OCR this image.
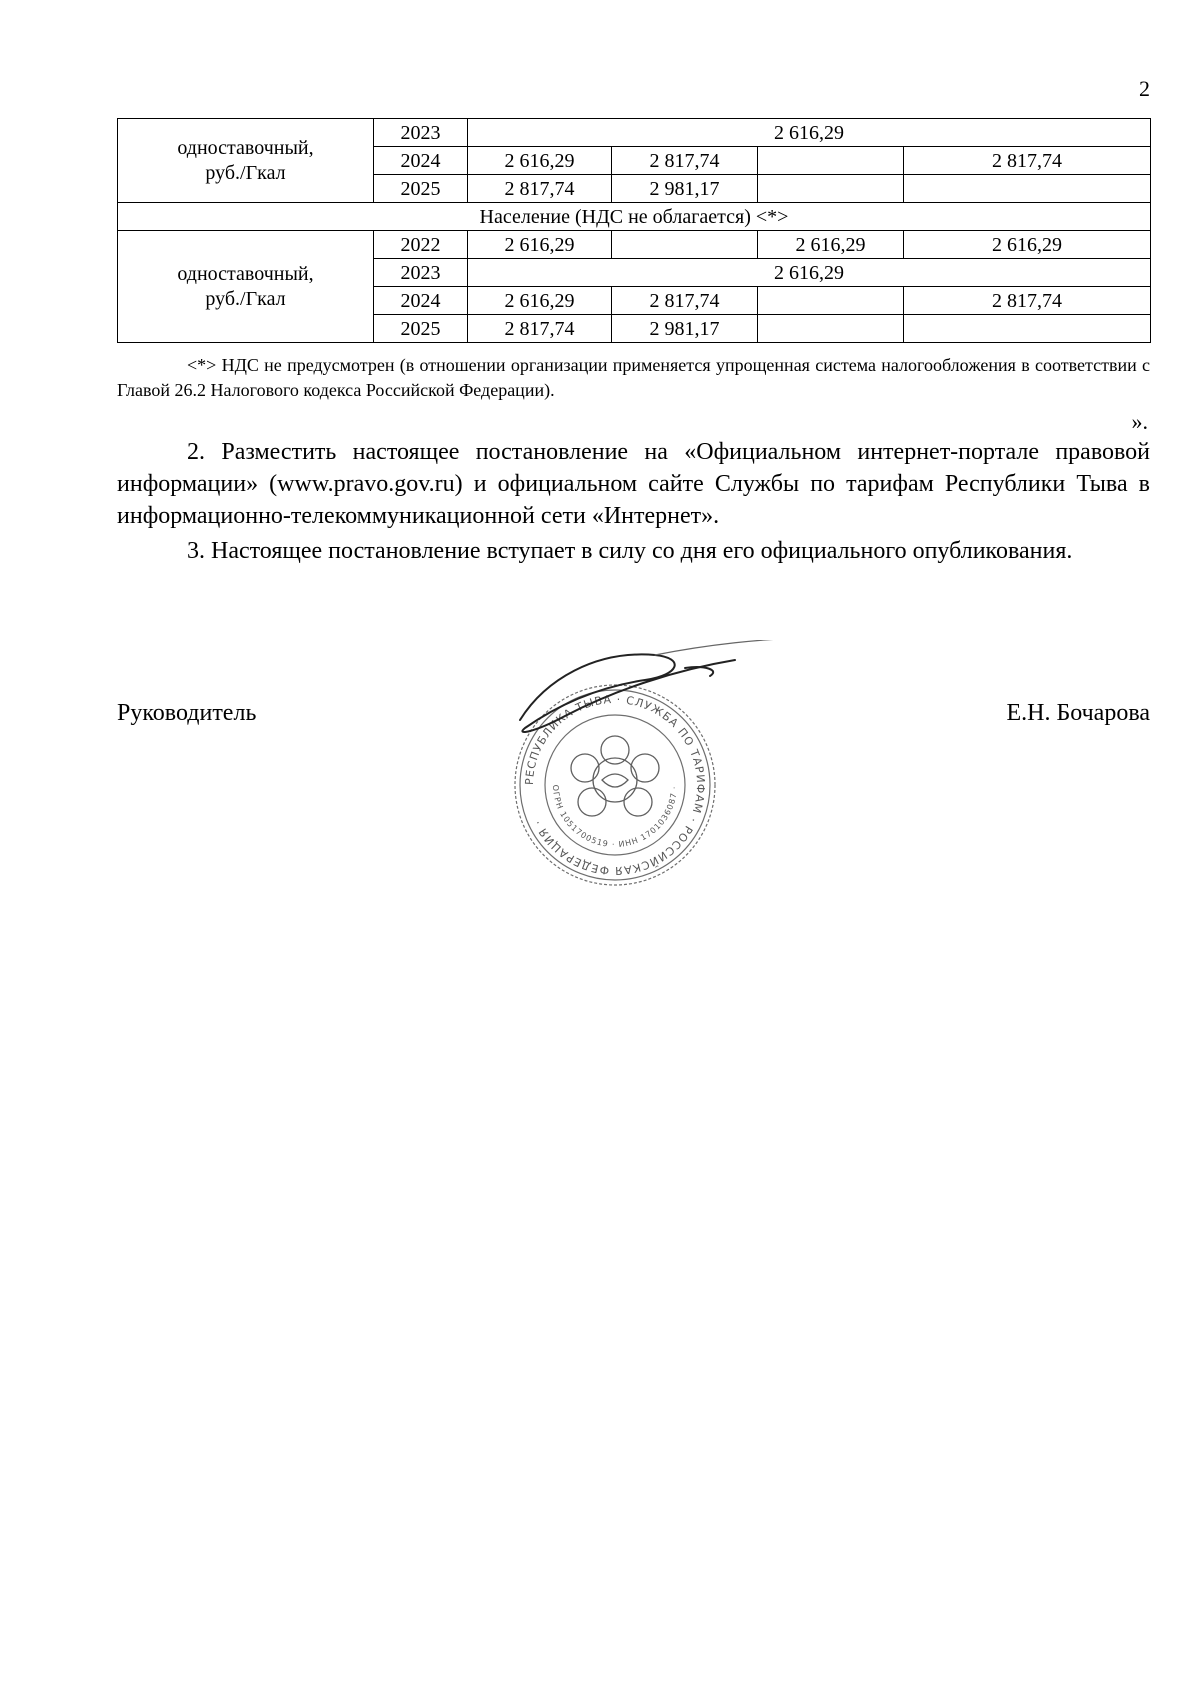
2
одноставочный,
руб./Гкал	2023	2 616,29			
	2024	2 616,29	2 817,74		2 817,74
	2025	2 817,74	2 981,17		
Население (НДС не облагается) <*>					
одноставочный,
руб./Гкал	2022	2 616,29		2 616,29	2 616,29
	2023	2 616,29			
	2024	2 616,29	2 817,74		2 817,74
	2025	2 817,74	2 981,17		
<*> НДС не предусмотрен (в отношении организации применяется упрощенная система налогообложения в соответствии с Главой 26.2 Налогового кодекса Российской Федерации).
».

2. Разместить настоящее постановление на «Официальном интернет-портале правовой информации» (www.pravo.gov.ru) и официальном сайте Службы по тарифам Республики Тыва в информационно-телекоммуникационной сети «Интернет».

3. Настоящее постановление вступает в силу со дня его официального опубликования.

Руководитель	Е.Н. Бочарова
РЕСПУБЛИКА ТЫВА · СЛУЖБА ПО ТАРИФАМ · РОССИЙСКАЯ ФЕДЕРАЦИЯ ·
ОГРН 1051700519 · ИНН 1701036087 ·
